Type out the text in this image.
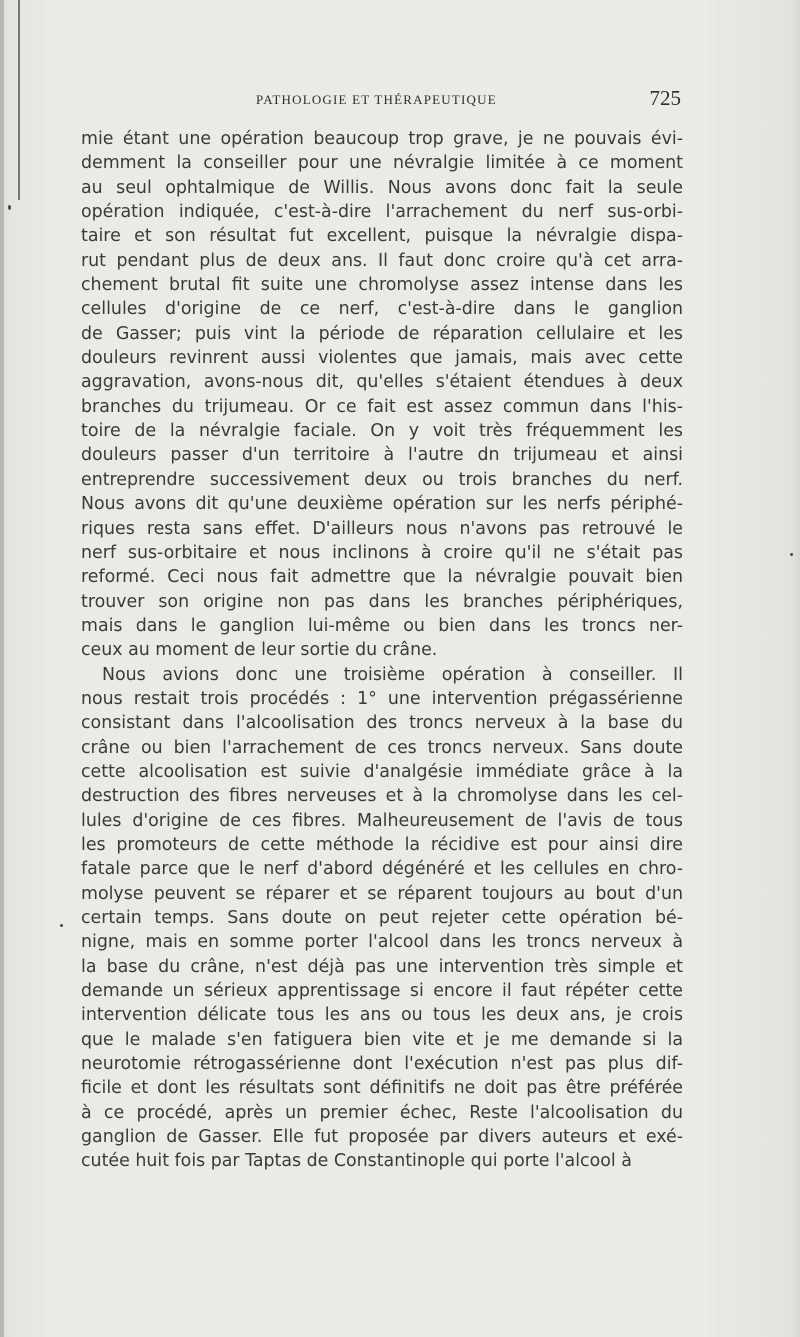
PATHOLOGIE ET THÉRAPEUTIQUE	725
mie étant une opération beaucoup trop grave, je ne pouvais évi-
demment la conseiller pour une névralgie limitée à ce moment
au seul ophtalmique de Willis. Nous avons donc fait la seule
opération indiquée, c'est-à-dire l'arrachement du nerf sus-orbi-
taire et son résultat fut excellent, puisque la névralgie dispa-
rut pendant plus de deux ans. Il faut donc croire qu'à cet arra-
chement brutal fit suite une chromolyse assez intense dans les
cellules d'origine de ce nerf, c'est-à-dire dans le ganglion
de Gasser; puis vint la période de réparation cellulaire et les
douleurs revinrent aussi violentes que jamais, mais avec cette
aggravation, avons-nous dit, qu'elles s'étaient étendues à deux
branches du trijumeau. Or ce fait est assez commun dans l'his-
toire de la névralgie faciale. On y voit très fréquemment les
douleurs passer d'un territoire à l'autre dn trijumeau et ainsi
entreprendre successivement deux ou trois branches du nerf.
Nous avons dit qu'une deuxième opération sur les nerfs périphé-
riques resta sans effet. D'ailleurs nous n'avons pas retrouvé le
nerf sus-orbitaire et nous inclinons à croire qu'il ne s'était pas
reformé. Ceci nous fait admettre que la névralgie pouvait bien
trouver son origine non pas dans les branches périphériques,
mais dans le ganglion lui-même ou bien dans les troncs ner-
ceux au moment de leur sortie du crâne.
Nous avions donc une troisième opération à conseiller. Il
nous restait trois procédés : 1° une intervention prégassérienne
consistant dans l'alcoolisation des troncs nerveux à la base du
crâne ou bien l'arrachement de ces troncs nerveux. Sans doute
cette alcoolisation est suivie d'analgésie immédiate grâce à la
destruction des fibres nerveuses et à la chromolyse dans les cel-
lules d'origine de ces fibres. Malheureusement de l'avis de tous
les promoteurs de cette méthode la récidive est pour ainsi dire
fatale parce que le nerf d'abord dégénéré et les cellules en chro-
molyse peuvent se réparer et se réparent toujours au bout d'un
certain temps. Sans doute on peut rejeter cette opération bé-
nigne, mais en somme porter l'alcool dans les troncs nerveux à
la base du crâne, n'est déjà pas une intervention très simple et
demande un sérieux apprentissage si encore il faut répéter cette
intervention délicate tous les ans ou tous les deux ans, je crois
que le malade s'en fatiguera bien vite et je me demande si la
neurotomie rétrogassérienne dont l'exécution n'est pas plus dif-
ficile et dont les résultats sont définitifs ne doit pas être préférée
à ce procédé, après un premier échec, Reste l'alcoolisation du
ganglion de Gasser. Elle fut proposée par divers auteurs et exé-
cutée huit fois par Taptas de Constantinople qui porte l'alcool à
